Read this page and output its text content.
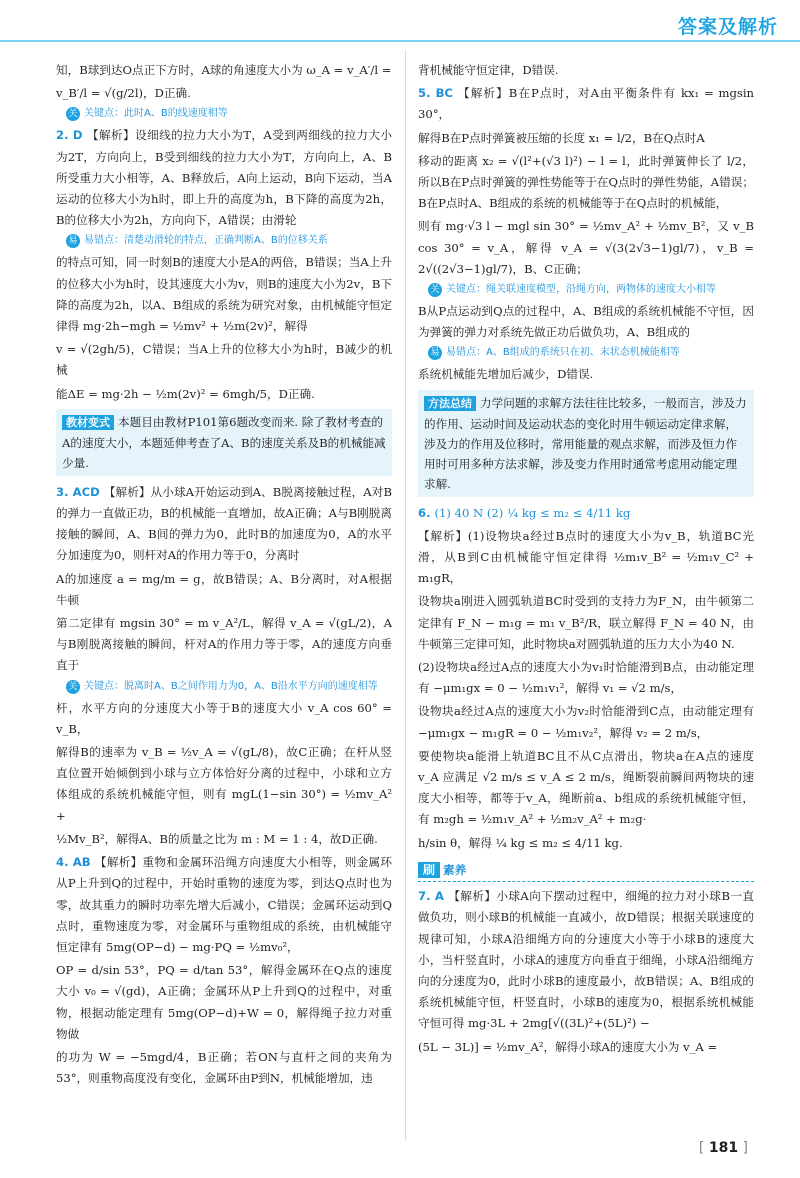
答案及解析

知，B球到达O点正下方时，A球的角速度大小为 ω_A = v_A′/l =

v_B′/l = √(g/2l)，D正确.

关 关键点：此时A、B的线速度相等

2. D 【解析】设细线的拉力大小为T，A受到两细线的拉力大小为2T，方向向上，B受到细线的拉力大小为T，方向向上，A、B所受重力大小相等，A、B释放后，A向上运动，B向下运动，当A运动的位移大小为h时，即上升的高度为h，B下降的高度为2h，B的位移大小为2h，方向向下，A错误；由滑轮

易 易错点：清楚动滑轮的特点，正确判断A、B的位移关系

的特点可知，同一时刻B的速度大小是A的两倍，B错误；当A上升的位移大小为h时，设其速度大小为v，则B的速度大小为2v，B下降的高度为2h，以A、B组成的系统为研究对象，由机械能守恒定律得 mg·2h−mgh = ½mv² + ½m(2v)²，解得

v = √(2gh/5)，C错误；当A上升的位移大小为h时，B减少的机械

能ΔE = mg·2h − ½m(2v)² = 6mgh/5，D正确.

教材变式 本题目由教材P101第6题改变而来. 除了教材考查的A的速度大小，本题延伸考查了A、B的速度关系及B的机械能减少量.

3. ACD 【解析】从小球A开始运动到A、B脱离接触过程，A对B的弹力一直做正功，B的机械能一直增加，故A正确；A与B刚脱离接触的瞬间，A、B间的弹力为0，此时B的加速度为0，A的水平分加速度为0，则杆对A的作用力等于0，分离时

A的加速度 a = mg/m = g，故B错误；A、B分离时，对A根据牛顿

第二定律有 mgsin 30° = m v_A²/L，解得 v_A = √(gL/2)，A与B刚脱离接触的瞬间，杆对A的作用力等于零，A的速度方向垂直于

关 关键点：脱离时A、B之间作用力为0，A、B沿水平方向的速度相等

杆，水平方向的分速度大小等于B的速度大小 v_A cos 60° = v_B，

解得B的速率为 v_B = ½v_A = √(gL/8)，故C正确；在杆从竖直位置开始倾倒到小球与立方体恰好分离的过程中，小球和立方体组成的系统机械能守恒，则有 mgL(1−sin 30°) = ½mv_A² +

½Mv_B²，解得A、B的质量之比为 m : M = 1 : 4，故D正确.

4. AB 【解析】重物和金属环沿绳方向速度大小相等，则金属环从P上升到Q的过程中，开始时重物的速度为零，到达Q点时也为零，故其重力的瞬时功率先增大后减小，C错误；金属环运动到Q点时，重物速度为零，对金属环与重物组成的系统，由机械能守恒定律有 5mg(OP−d) − mg·PQ = ½mv₀²，

OP = d/sin 53°，PQ = d/tan 53°，解得金属环在Q点的速度大小 v₀ = √(gd)，A正确；金属环从P上升到Q的过程中，对重物，根据动能定理有 5mg(OP−d)+W = 0，解得绳子拉力对重物做

的功为 W = −5mgd/4，B正确；若ON与直杆之间的夹角为53°，则重物高度没有变化，金属环由P到N，机械能增加，违

背机械能守恒定律，D错误.

5. BC 【解析】B在P点时，对A由平衡条件有 kx₁ = mgsin 30°，

解得B在P点时弹簧被压缩的长度 x₁ = l/2，B在Q点时A

移动的距离 x₂ = √(l²+(√3 l)²) − l = l，此时弹簧伸长了 l/2，所以B在P点时弹簧的弹性势能等于在Q点时的弹性势能，A错误；B在P点时A、B组成的系统的机械能等于在Q点时的机械能，

则有 mg·√3 l − mgl sin 30° = ½mv_A² + ½mv_B²，又 v_B cos 30° = v_A，解得 v_A = √(3(2√3−1)gl/7)，v_B = 2√((2√3−1)gl/7)，B、C正确；

关 关键点：绳关联速度模型，沿绳方向，两物体的速度大小相等

B从P点运动到Q点的过程中，A、B组成的系统机械能不守恒，因为弹簧的弹力对系统先做正功后做负功，A、B组成的

易 易错点：A、B组成的系统只在初、末状态机械能相等

系统机械能先增加后减少，D错误.

方法总结 力学问题的求解方法往往比较多，一般而言，涉及力的作用、运动时间及运动状态的变化时用牛顿运动定律求解，涉及力的作用及位移时，常用能量的观点求解，而涉及恒力作用时可用多种方法求解，涉及变力作用时通常考虑用动能定理求解.

6. (1) 40 N (2) ¼ kg ≤ m₂ ≤ 4/11 kg

【解析】(1)设物块a经过B点时的速度大小为v_B，轨道BC光滑，从B到C由机械能守恒定律得 ½m₁v_B² = ½m₁v_C² + m₁gR，

设物块a刚进入圆弧轨道BC时受到的支持力为F_N，由牛顿第二定律有 F_N − m₁g = m₁ v_B²/R，联立解得 F_N = 40 N，由牛顿第三定律可知，此时物块a对圆弧轨道的压力大小为40 N.

(2)设物块a经过A点的速度大小为v₁时恰能滑到B点，由动能定理有 −μm₁gx = 0 − ½m₁v₁²，解得 v₁ = √2 m/s，

设物块a经过A点的速度大小为v₂时恰能滑到C点，由动能定理有 −μm₁gx − m₁gR = 0 − ½m₁v₂²，解得 v₂ = 2 m/s，

要使物块a能滑上轨道BC且不从C点滑出，物块a在A点的速度 v_A 应满足 √2 m/s ≤ v_A ≤ 2 m/s，绳断裂前瞬间两物块的速度大小相等，都等于v_A，绳断前a、b组成的系统机械能守恒，有 m₂gh = ½m₁v_A² + ½m₂v_A² + m₂g·

h/sin θ，解得 ¼ kg ≤ m₂ ≤ 4/11 kg.

刷 素养

7. A 【解析】小球A向下摆动过程中，细绳的拉力对小球B一直做负功，则小球B的机械能一直减小，故D错误；根据关联速度的规律可知，小球A沿细绳方向的分速度大小等于小球B的速度大小，当杆竖直时，小球A的速度方向垂直于细绳，小球A沿细绳方向的分速度为0，此时小球B的速度最小，故B错误；A、B组成的系统机械能守恒，杆竖直时，小球B的速度为0，根据系统机械能守恒可得 mg·3L + 2mg[√((3L)²+(5L)²) −

(5L − 3L)] = ½mv_A²，解得小球A的速度大小为 v_A =

[ 181 ]
